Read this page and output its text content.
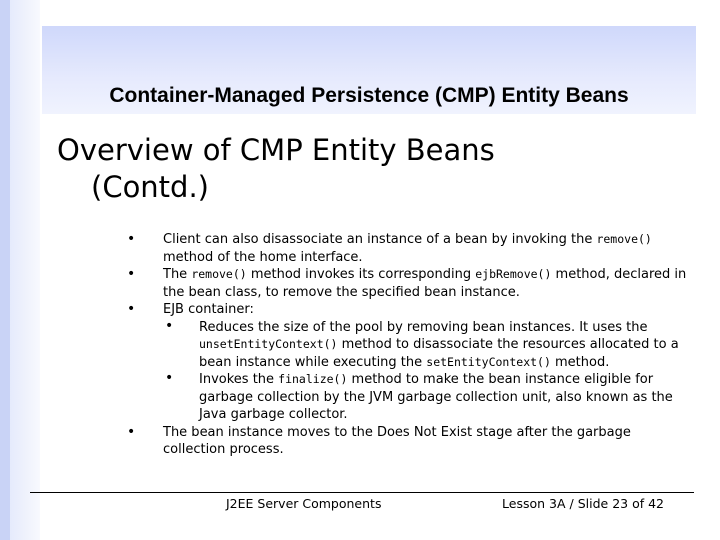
Container-Managed Persistence (CMP) Entity Beans
Overview of CMP Entity Beans
(Contd.)
• Client can also disassociate an instance of a bean by invoking the remove() method of the home interface.
• The remove() method invokes its corresponding ejbRemove() method, declared in the bean class, to remove the specified bean instance.
• EJB container:
• Reduces the size of the pool by removing bean instances. It uses the unsetEntityContext() method to disassociate the resources allocated to a bean instance while executing the setEntityContext() method.
• Invokes the finalize() method to make the bean instance eligible for garbage collection by the JVM garbage collection unit, also known as the Java garbage collector.
• The bean instance moves to the Does Not Exist stage after the garbage collection process.
J2EE Server Components	Lesson 3A / Slide 23 of 42
